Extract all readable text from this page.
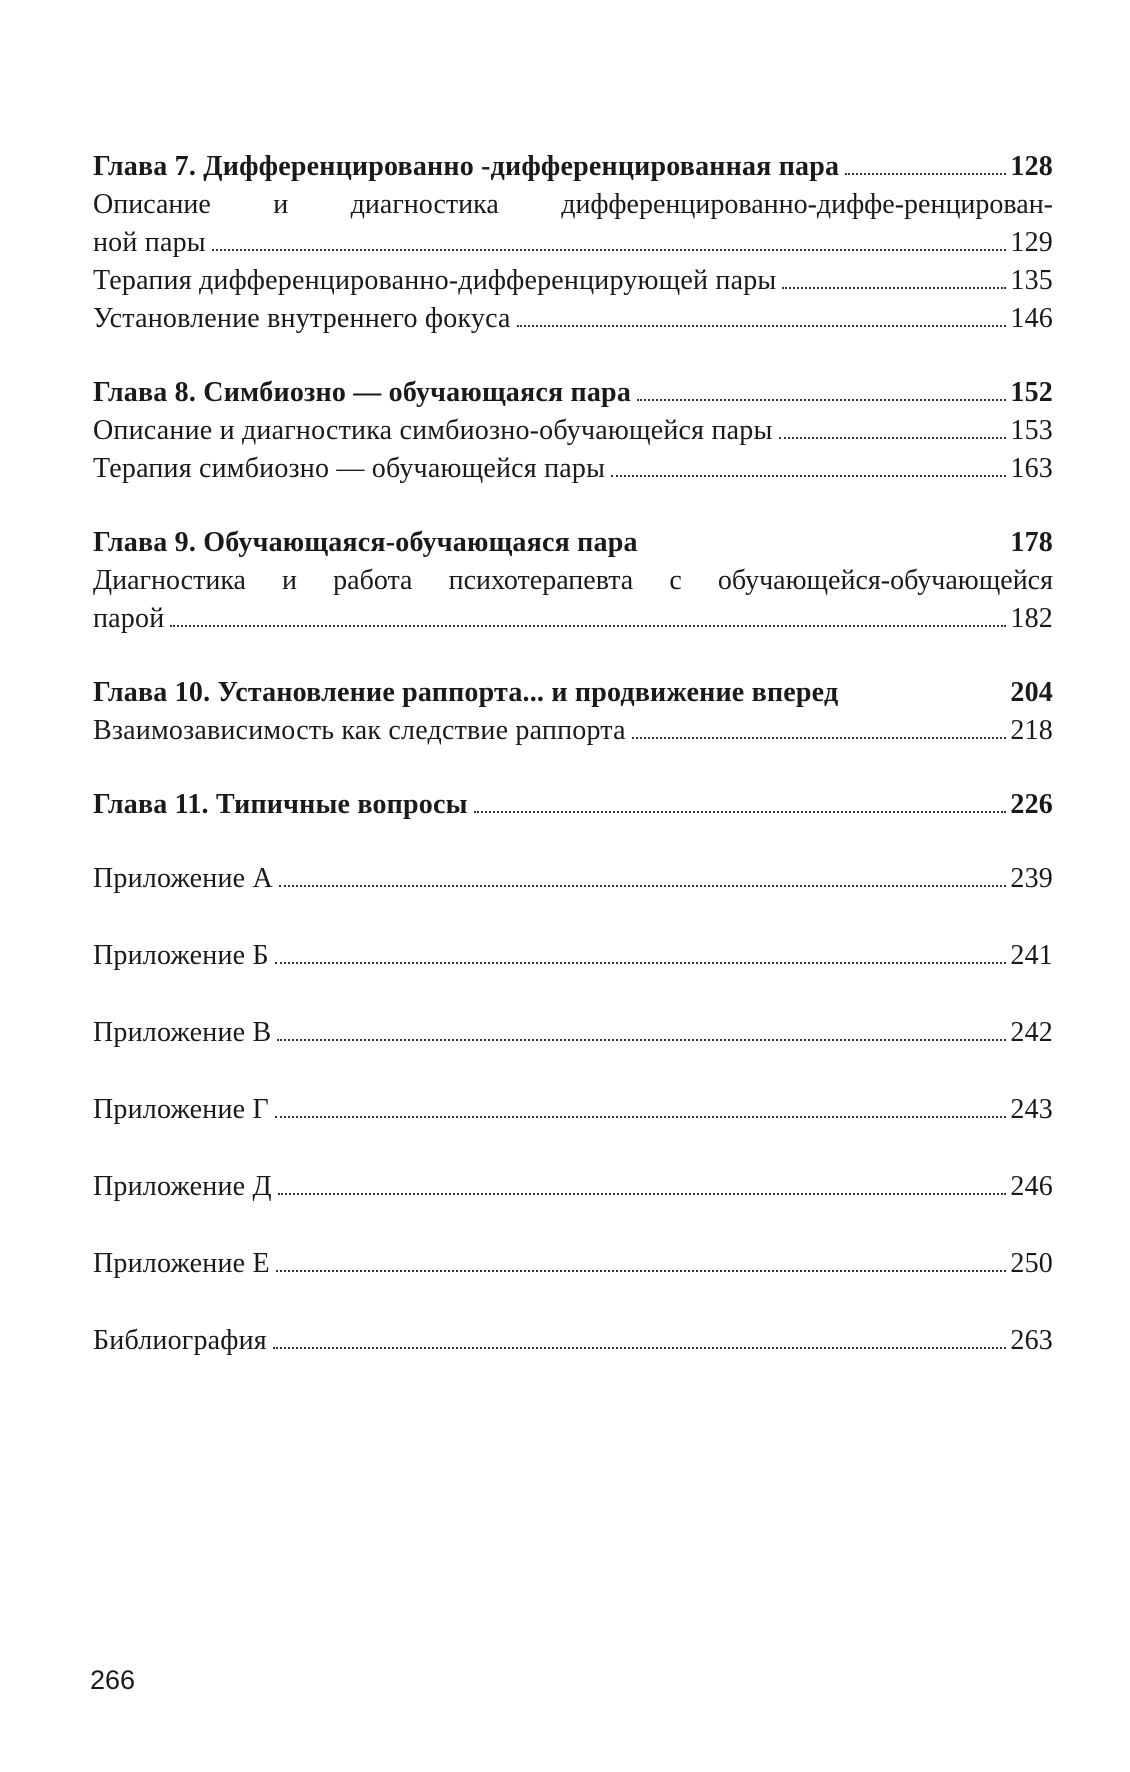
Глава 7. Дифференцированно -дифференцированная пара	128
Описание и диагностика дифференцированно-диффе-ренцирован-
ной пары	129
Терапия дифференцированно-дифференцирующей пары	135
Установление внутреннего фокуса	146
Глава 8. Симбиозно — обучающаяся пара	152
Описание и диагностика симбиозно-обучающейся пары	153
Терапия симбиозно — обучающейся пары	163
Глава 9. Обучающаяся-обучающаяся пара	178
Диагностика и работа психотерапевта с обучающейся-обучающейся
парой	182
Глава 10. Установление раппорта... и продвижение вперед	204
Взаимозависимость как следствие раппорта	218
Глава 11. Типичные вопросы	226
Приложение А	239
Приложение Б	241
Приложение В	242
Приложение Г	243
Приложение Д	246
Приложение Е	250
Библиография	263
266
